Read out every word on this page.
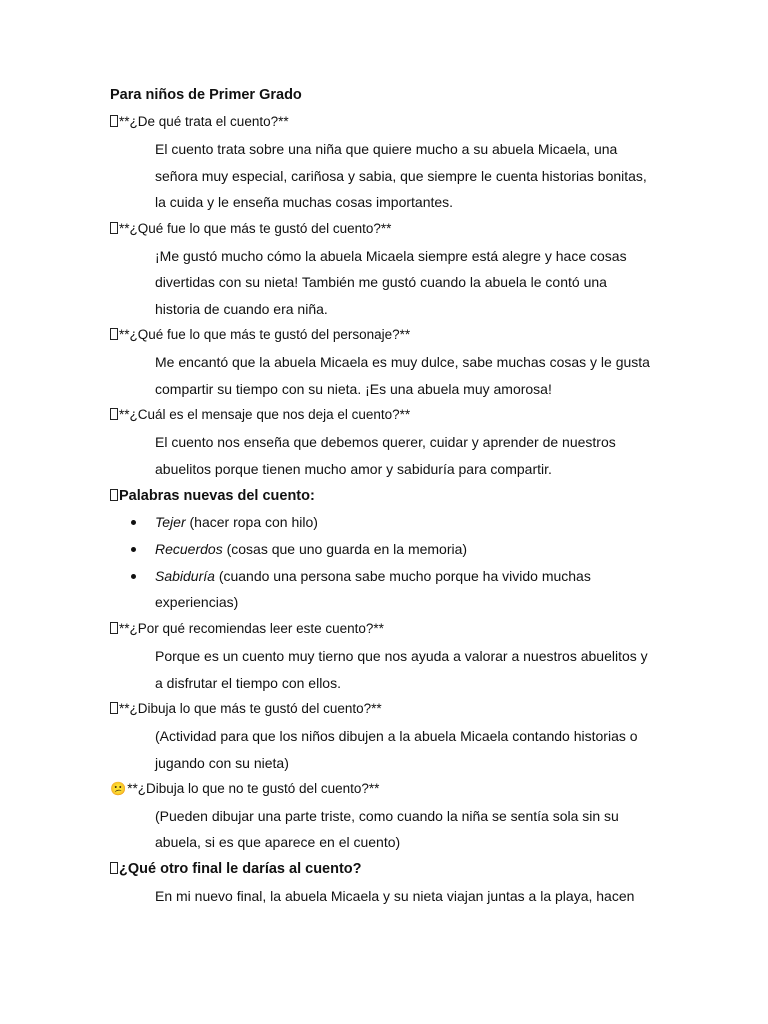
Para niños de Primer Grado
**¿De qué trata el cuento?**
El cuento trata sobre una niña que quiere mucho a su abuela Micaela, una
señora muy especial, cariñosa y sabia, que siempre le cuenta historias bonitas,
la cuida y le enseña muchas cosas importantes.
**¿Qué fue lo que más te gustó del cuento?**
¡Me gustó mucho cómo la abuela Micaela siempre está alegre y hace cosas
divertidas con su nieta! También me gustó cuando la abuela le contó una
historia de cuando era niña.
**¿Qué fue lo que más te gustó del personaje?**
Me encantó que la abuela Micaela es muy dulce, sabe muchas cosas y le gusta
compartir su tiempo con su nieta. ¡Es una abuela muy amorosa!
**¿Cuál es el mensaje que nos deja el cuento?**
El cuento nos enseña que debemos querer, cuidar y aprender de nuestros
abuelitos porque tienen mucho amor y sabiduría para compartir.
Palabras nuevas del cuento:
Tejer (hacer ropa con hilo)
Recuerdos (cosas que uno guarda en la memoria)
Sabiduría (cuando una persona sabe mucho porque ha vivido muchas
experiencias)
**¿Por qué recomiendas leer este cuento?**
Porque es un cuento muy tierno que nos ayuda a valorar a nuestros abuelitos y
a disfrutar el tiempo con ellos.
**¿Dibuja lo que más te gustó del cuento?**
(Actividad para que los niños dibujen a la abuela Micaela contando historias o
jugando con su nieta)
😕**¿Dibuja lo que no te gustó del cuento?**
(Pueden dibujar una parte triste, como cuando la niña se sentía sola sin su
abuela, si es que aparece en el cuento)
¿Qué otro final le darías al cuento?
En mi nuevo final, la abuela Micaela y su nieta viajan juntas a la playa, hacen
